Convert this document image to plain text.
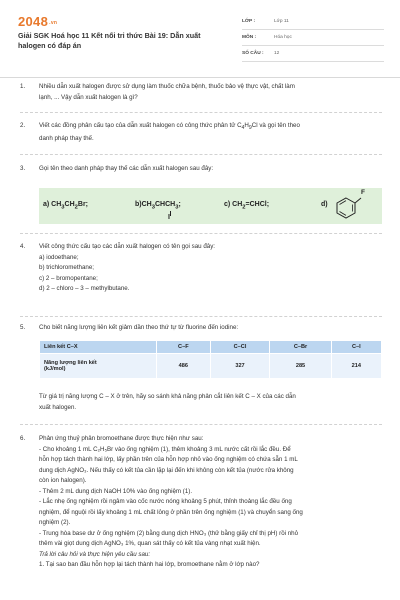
2048.vn
Giải SGK Hoá học 11 Kết nối tri thức Bài 19: Dẫn xuất
halogen có đáp án
LỚP :	Lớp 11
MÔN :	Hóa học
SỐ CÂU :	12
1.	Nhiều dẫn xuất halogen được sử dụng làm thuốc chữa bệnh, thuốc bảo vệ thực vật, chất làm
lạnh, ... Vậy dẫn xuất halogen là gì?
2.	Viết các đồng phân cấu tạo của dẫn xuất halogen có công thức phân tử $C_4H_9Cl$ và gọi tên theo
danh pháp thay thế.
3.	Gọi tên theo danh pháp thay thế các dẫn xuất halogen sau đây:
a) $CH_3CH_2Br$;	$b)CH_3CHCH_3$;
I
c) $CH_2=CHCl$;	d)
F
4.	Viết công thức cấu tạo các dẫn xuất halogen có tên gọi sau đây:
a) iodoethane;
b) trichloromethane;
c) 2 – bromopentane;
d) 2 – chloro – 3 – methylbutane.
5.	Cho biết năng lượng liên kết giảm dần theo thứ tự từ fluorine đến iodine:
Liên kết C–X	C–F	C–Cl	C–Br	C–I

Năng lượng liên kết
(kJ/mol)	486	327	285	214
Từ giá trị năng lượng C – X ở trên, hãy so sánh khả năng phản cắt liên kết C – X của các dẫn
xuất halogen.
6.	Phản ứng thuỷ phân bromoethane được thực hiện như sau:
- Cho khoảng 1 mL C₂H₅Br vào ống nghiệm (1), thêm khoảng 3 mL nước cất rồi lắc đều. Để
hỗn hợp tách thành hai lớp, lấy phần trên của hỗn hợp nhỏ vào ống nghiệm có chứa sẵn 1 mL
dung dịch AgNO₃. Nếu thấy có kết tủa cần lặp lại đến khi không còn kết tủa (nước rửa không
còn ion halogen).
- Thêm 2 mL dung dịch NaOH 10% vào ống nghiệm (1).
- Lắc nhẹ ống nghiệm rồi ngâm vào cốc nước nóng khoảng 5 phút, thỉnh thoảng lắc đều ống
nghiệm, để nguội rồi lấy khoảng 1 mL chất lỏng ở phần trên ống nghiệm (1) và chuyển sang ống
nghiệm (2).
- Trung hòa base dư ở ống nghiệm (2) bằng dung dịch HNO₃ (thử bằng giấy chỉ thị pH) rồi nhỏ
thêm vài giọt dung dịch AgNO₃ 1%, quan sát thấy có kết tủa vàng nhạt xuất hiện.
Trả lời câu hỏi và thực hiện yêu cầu sau:
1. Tại sao ban đầu hỗn hợp lại tách thành hai lớp, bromoethane nằm ở lớp nào?
